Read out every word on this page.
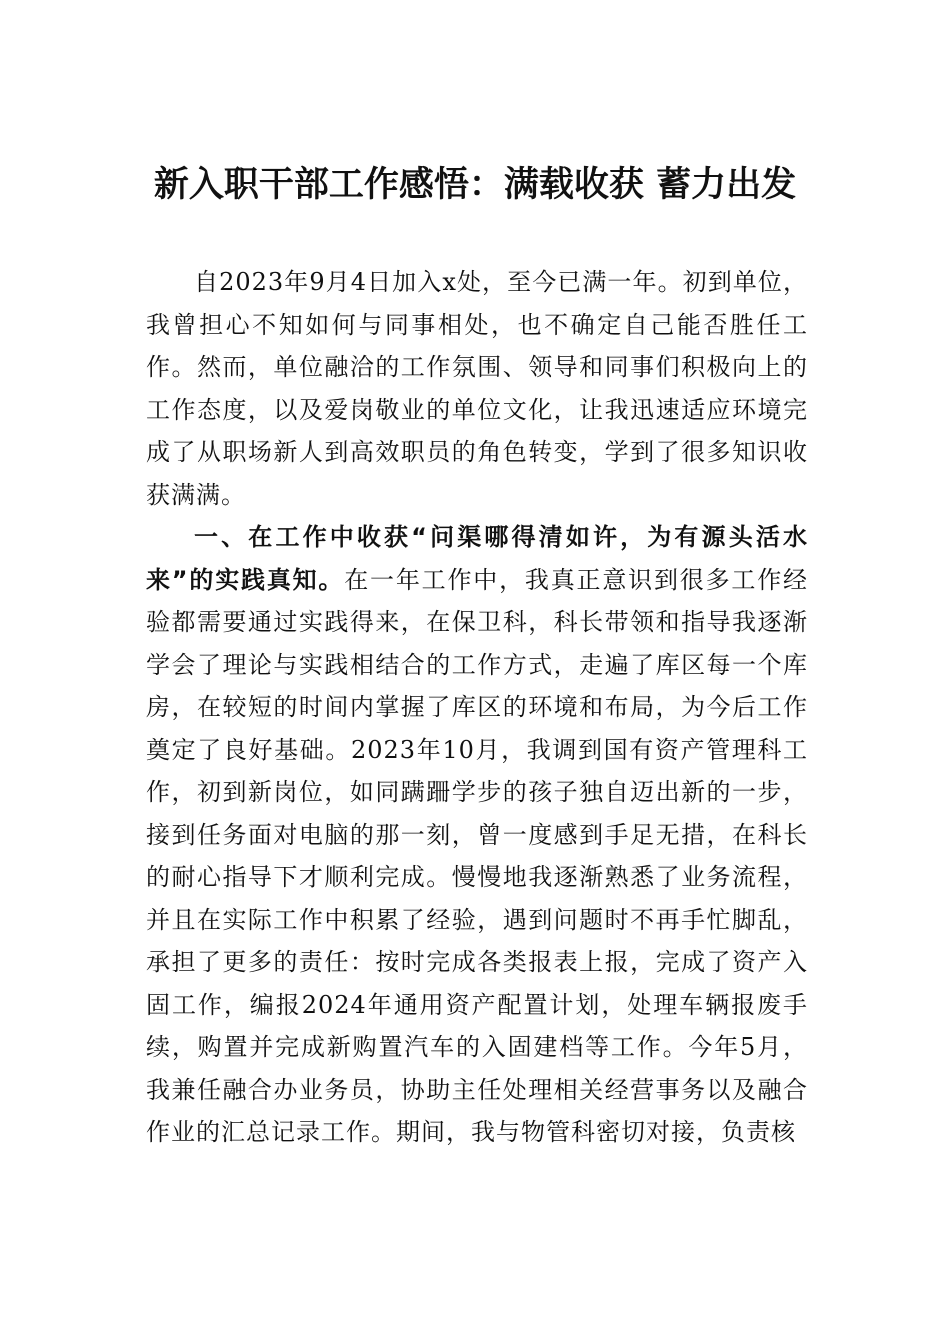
新入职干部工作感悟：满载收获 蓄力出发

自2023年9月4日加入x处，至今已满一年。初到单位，我曾担心不知如何与同事相处，也不确定自己能否胜任工作。然而，单位融洽的工作氛围、领导和同事们积极向上的工作态度，以及爱岗敬业的单位文化，让我迅速适应环境完成了从职场新人到高效职员的角色转变，学到了很多知识收获满满。

一、在工作中收获“问渠哪得清如许，为有源头活水来”的实践真知。在一年工作中，我真正意识到很多工作经验都需要通过实践得来，在保卫科，科长带领和指导我逐渐学会了理论与实践相结合的工作方式，走遍了库区每一个库房，在较短的时间内掌握了库区的环境和布局，为今后工作奠定了良好基础。2023年10月，我调到国有资产管理科工作，初到新岗位，如同蹒跚学步的孩子独自迈出新的一步，接到任务面对电脑的那一刻，曾一度感到手足无措，在科长的耐心指导下才顺利完成。慢慢地我逐渐熟悉了业务流程，并且在实际工作中积累了经验，遇到问题时不再手忙脚乱，承担了更多的责任：按时完成各类报表上报，完成了资产入固工作，编报2024年通用资产配置计划，处理车辆报废手续，购置并完成新购置汽车的入固建档等工作。今年5月，我兼任融合办业务员，协助主任处理相关经营事务以及融合作业的汇总记录工作。期间，我与物管科密切对接，负责核
